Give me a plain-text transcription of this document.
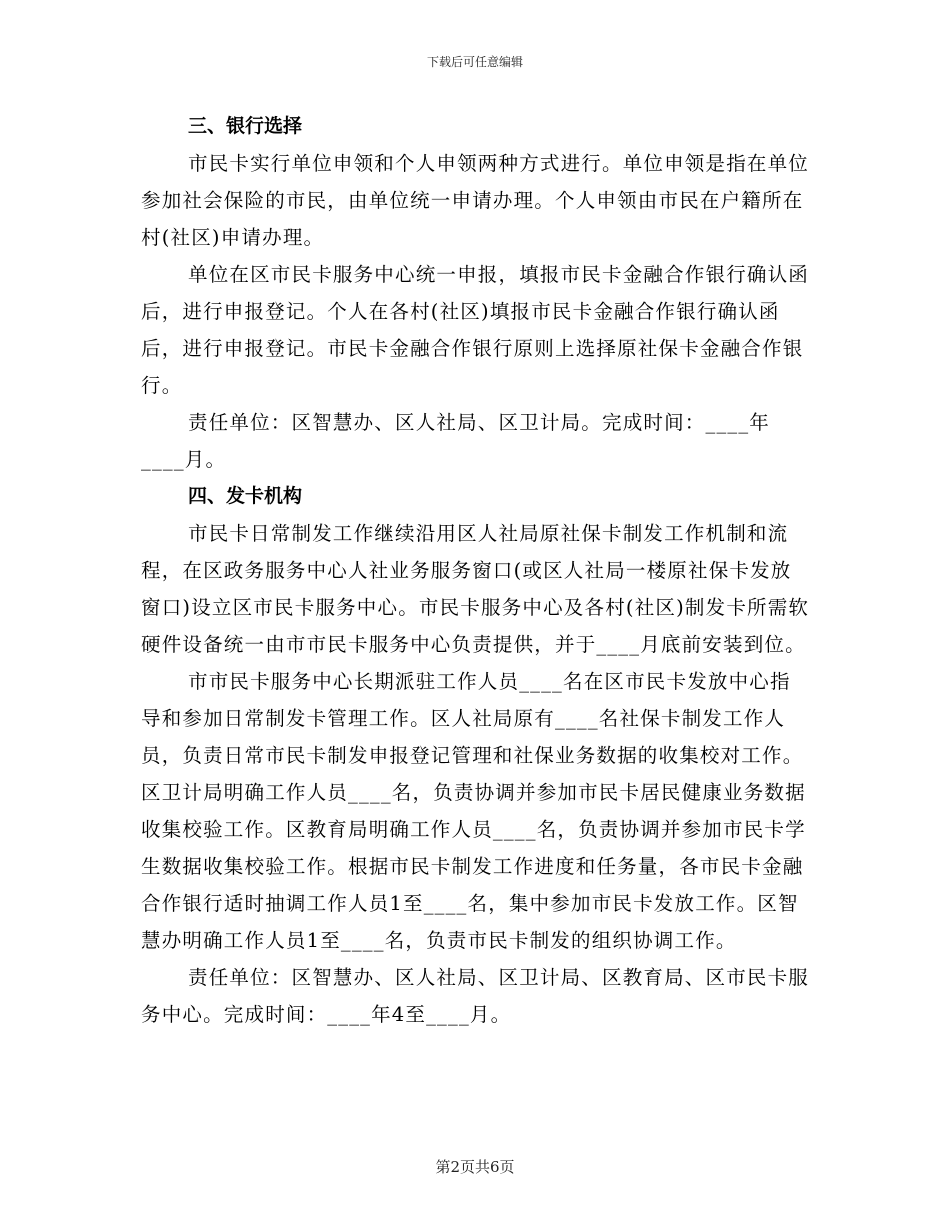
下载后可任意编辑
三、银行选择

市民卡实行单位申领和个人申领两种方式进行。单位申领是指在单位参加社会保险的市民，由单位统一申请办理。个人申领由市民在户籍所在村(社区)申请办理。

单位在区市民卡服务中心统一申报，填报市民卡金融合作银行确认函后，进行申报登记。个人在各村(社区)填报市民卡金融合作银行确认函后，进行申报登记。市民卡金融合作银行原则上选择原社保卡金融合作银行。

责任单位：区智慧办、区人社局、区卫计局。完成时间：____年____月。

四、发卡机构

市民卡日常制发工作继续沿用区人社局原社保卡制发工作机制和流程，在区政务服务中心人社业务服务窗口(或区人社局一楼原社保卡发放窗口)设立区市民卡服务中心。市民卡服务中心及各村(社区)制发卡所需软硬件设备统一由市市民卡服务中心负责提供，并于____月底前安装到位。

市市民卡服务中心长期派驻工作人员____名在区市民卡发放中心指导和参加日常制发卡管理工作。区人社局原有____名社保卡制发工作人员，负责日常市民卡制发申报登记管理和社保业务数据的收集校对工作。区卫计局明确工作人员____名，负责协调并参加市民卡居民健康业务数据收集校验工作。区教育局明确工作人员____名，负责协调并参加市民卡学生数据收集校验工作。根据市民卡制发工作进度和任务量，各市民卡金融合作银行适时抽调工作人员1至____名，集中参加市民卡发放工作。区智慧办明确工作人员1至____名，负责市民卡制发的组织协调工作。

责任单位：区智慧办、区人社局、区卫计局、区教育局、区市民卡服务中心。完成时间：____年4至____月。

第2页共6页
